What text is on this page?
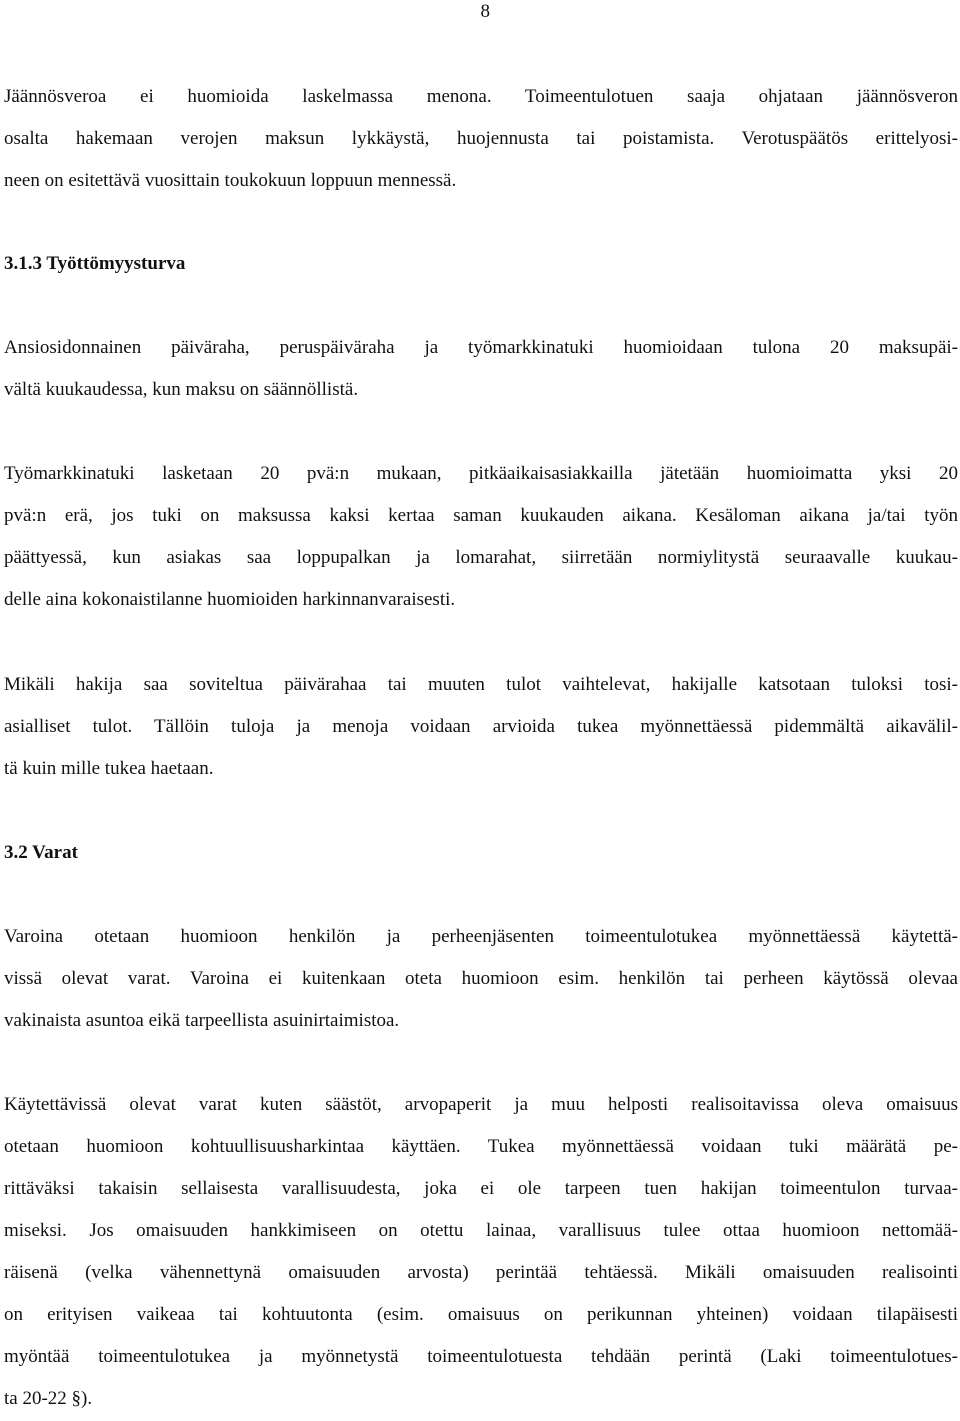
8

Jäännösveroa ei huomioida laskelmassa menona. Toimeentulotuen saaja ohjataan jäännösveron
osalta hakemaan verojen maksun lykkäystä, huojennusta tai poistamista. Verotuspäätös erittelyosi-
neen on esitettävä vuosittain toukokuun loppuun mennessä.

3.1.3 Työttömyysturva

Ansiosidonnainen päiväraha, peruspäiväraha ja työmarkkinatuki huomioidaan tulona 20 maksupäi-
vältä kuukaudessa, kun maksu on säännöllistä.

Työmarkkinatuki lasketaan 20 pvä:n mukaan, pitkäaikaisasiakkailla jätetään huomioimatta yksi 20
pvä:n erä, jos tuki on maksussa kaksi kertaa saman kuukauden aikana. Kesäloman aikana ja/tai työn
päättyessä, kun asiakas saa loppupalkan ja lomarahat, siirretään normiylitystä seuraavalle kuukau-
delle aina kokonaistilanne huomioiden harkinnanvaraisesti.

Mikäli hakija saa soviteltua päivärahaa tai muuten tulot vaihtelevat, hakijalle katsotaan tuloksi tosi-
asialliset tulot. Tällöin tuloja ja menoja voidaan arvioida tukea myönnettäessä pidemmältä aikavälil-
tä kuin mille tukea haetaan.

3.2 Varat

Varoina otetaan huomioon henkilön ja perheenjäsenten toimeentulotukea myönnettäessä käytettä-
vissä olevat varat. Varoina ei kuitenkaan oteta huomioon esim. henkilön tai perheen käytössä olevaa
vakinaista asuntoa eikä tarpeellista asuinirtaimistoa.

Käytettävissä olevat varat kuten säästöt, arvopaperit ja muu helposti realisoitavissa oleva omaisuus
otetaan huomioon kohtuullisuusharkintaa käyttäen. Tukea myönnettäessä voidaan tuki määrätä pe-
rittäväksi takaisin sellaisesta varallisuudesta, joka ei ole tarpeen tuen hakijan toimeentulon turvaa-
miseksi. Jos omaisuuden hankkimiseen on otettu lainaa, varallisuus tulee ottaa huomioon nettomää-
räisenä (velka vähennettynä omaisuuden arvosta) perintää tehtäessä. Mikäli omaisuuden realisointi
on erityisen vaikeaa tai kohtuutonta (esim. omaisuus on perikunnan yhteinen) voidaan tilapäisesti
myöntää toimeentulotukea ja myönnetystä toimeentulotuesta tehdään perintä (Laki toimeentulotues-
ta 20-22 §).
